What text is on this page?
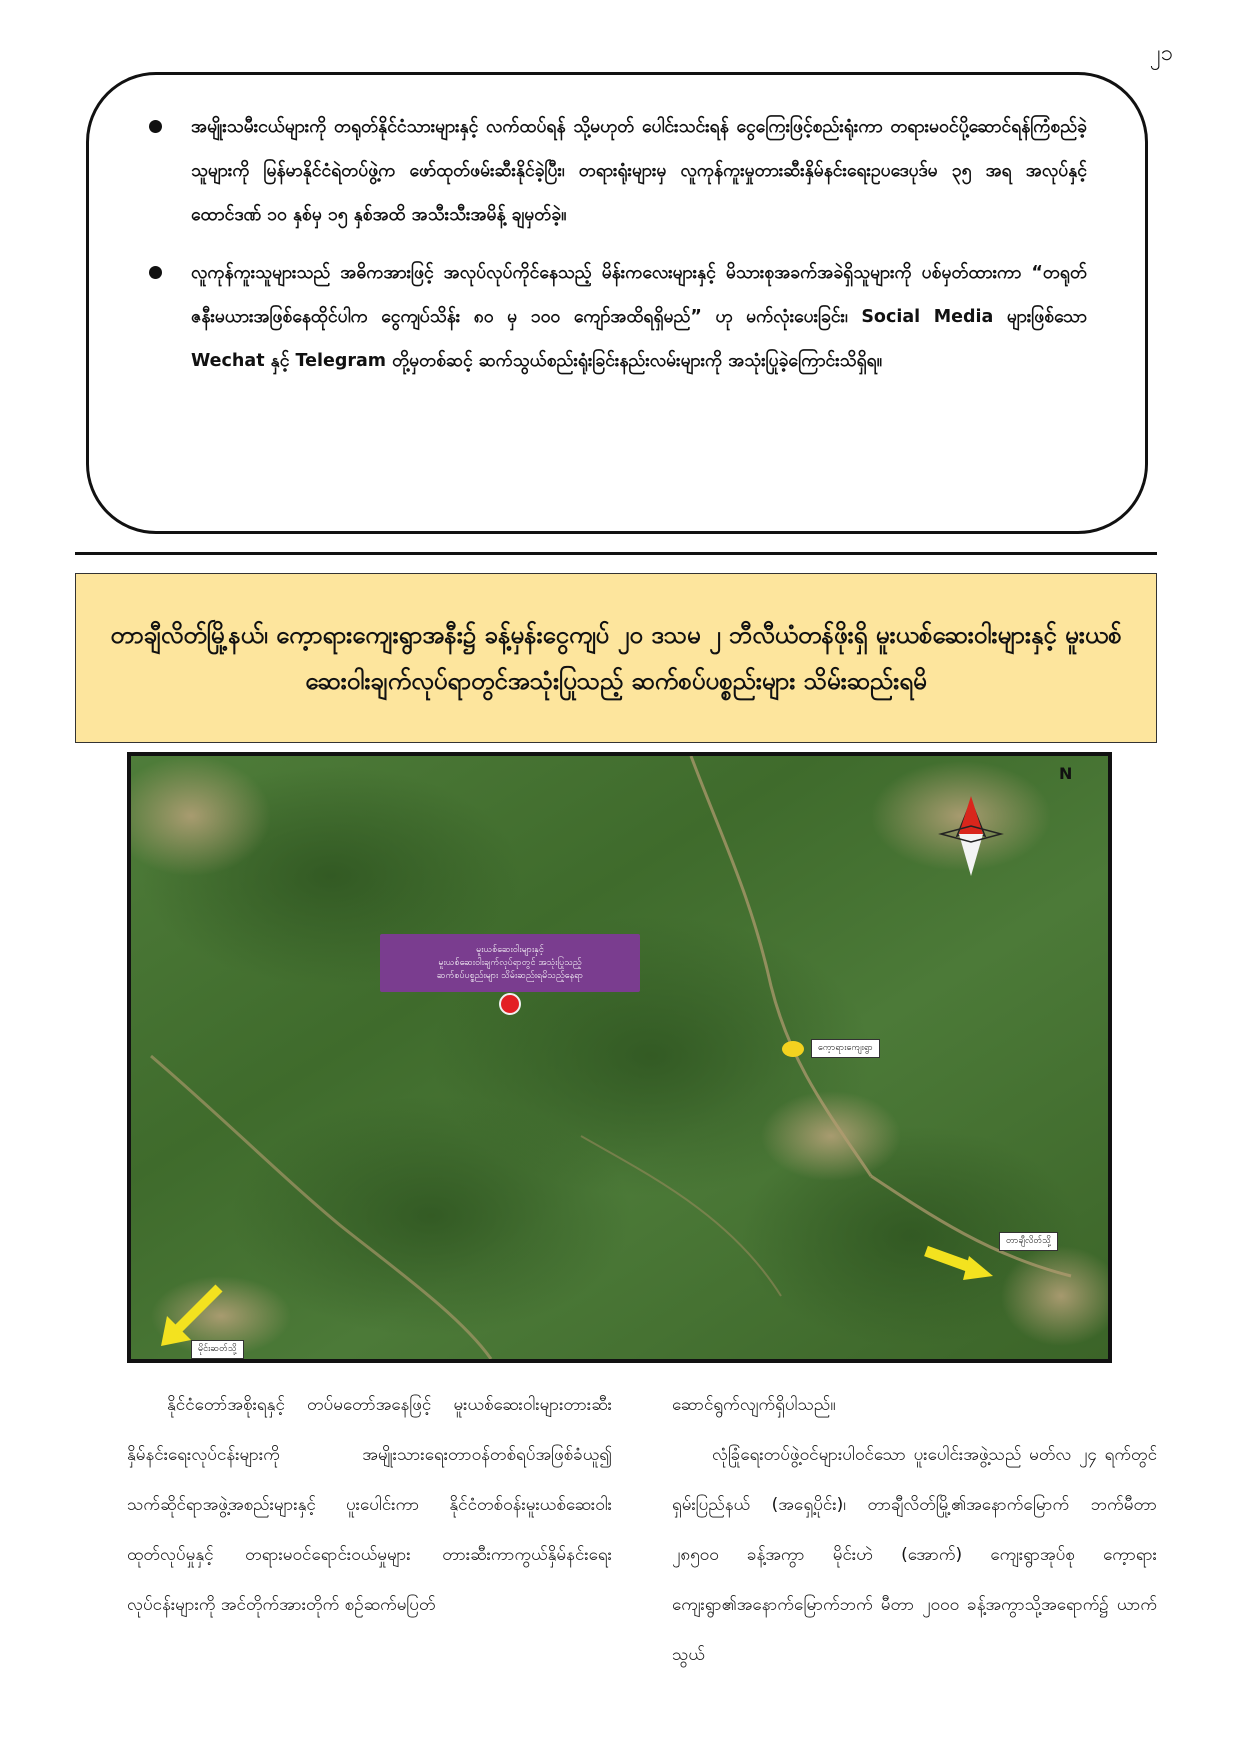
၂၁
အမျိုးသမီးငယ်များကို တရုတ်နိုင်ငံသားများနှင့် လက်ထပ်ရန် သို့မဟုတ် ပေါင်းသင်းရန် ငွေကြေးဖြင့်စည်းရုံးကာ တရားမဝင်ပို့ဆောင်ရန်ကြံစည်ခဲ့သူများကို မြန်မာနိုင်ငံရဲတပ်ဖွဲ့က ဖော်ထုတ်ဖမ်းဆီးနိုင်ခဲ့ပြီး၊ တရားရုံးများမှ လူကုန်ကူးမှုတားဆီးနှိမ်နင်းရေးဥပဒေပုဒ်မ ၃၅ အရ အလုပ်နှင့်ထောင်ဒဏ် ၁၀ နှစ်မှ ၁၅ နှစ်အထိ အသီးသီးအမိန့် ချမှတ်ခဲ့။
လူကုန်ကူးသူများသည် အဓိကအားဖြင့် အလုပ်လုပ်ကိုင်နေသည့် မိန်းကလေးများနှင့် မိသားစုအခက်အခဲရှိသူများကို ပစ်မှတ်ထားကာ “တရုတ်ဇနီးမယားအဖြစ်နေထိုင်ပါက ငွေကျပ်သိန်း ၈၀ မှ ၁၀၀ ကျော်အထိရရှိမည်” ဟု မက်လုံးပေးခြင်း၊ Social Media များဖြစ်သော Wechat နှင့် Telegram တို့မှတစ်ဆင့် ဆက်သွယ်စည်းရုံးခြင်းနည်းလမ်းများကို အသုံးပြုခဲ့ကြောင်းသိရှိရ။
တာချီလိတ်မြို့နယ်၊ ကေ့ာရားကျေးရွာအနီး၌ ခန့်မှန်းငွေကျပ် ၂၀ ဒသမ ၂ ဘီလီယံတန်ဖိုးရှိ မူးယစ်ဆေးဝါးများနှင့် မူးယစ်ဆေးဝါးချက်လုပ်ရာတွင်အသုံးပြုသည့် ဆက်စပ်ပစ္စည်းများ သိမ်းဆည်းရမိ
N
မူးယစ်ဆေးဝါးများနှင့်
မူးယစ်ဆေးဝါးချက်လုပ်ရာတွင် အသုံးပြုသည့်
ဆက်စပ်ပစ္စည်းများ သိမ်းဆည်းရမိသည့်နေရာ
ကေ့ာရားကျေးရွာ
တာချီလိတ်သို့
မိုင်းဆတ်သို့

နိုင်ငံတော်အစိုးရနှင့် တပ်မတော်အနေဖြင့် မူးယစ်ဆေးဝါးများတားဆီးနှိမ်နင်းရေးလုပ်ငန်းများကို အမျိုးသားရေးတာဝန်တစ်ရပ်အဖြစ်ခံယူ၍ သက်ဆိုင်ရာအဖွဲ့အစည်းများနှင့် ပူးပေါင်းကာ နိုင်ငံတစ်ဝန်းမူးယစ်ဆေးဝါးထုတ်လုပ်မှုနှင့် တရားမဝင်ရောင်းဝယ်မှုများ တားဆီးကာကွယ်နှိမ်နင်းရေး လုပ်ငန်းများကို အင်တိုက်အားတိုက် စဉ်ဆက်မပြတ်

ဆောင်ရွက်လျက်ရှိပါသည်။

လုံခြုံရေးတပ်ဖွဲ့ဝင်များပါဝင်သော ပူးပေါင်းအဖွဲ့သည် မတ်လ ၂၄ ရက်တွင် ရှမ်းပြည်နယ် (အရှေ့ပိုင်း)၊ တာချီလိတ်မြို့၏အနောက်မြောက် ဘက်မီတာ ၂၈၅၀၀ ခန့်အကွာ မိုင်းဟဲ (အောက်) ကျေးရွာအုပ်စု ကေ့ာရားကျေးရွာ၏အနောက်မြောက်ဘက် မီတာ ၂၀၀၀ ခန့်အကွာသို့အရောက်၌ ယာက်သွယ်
